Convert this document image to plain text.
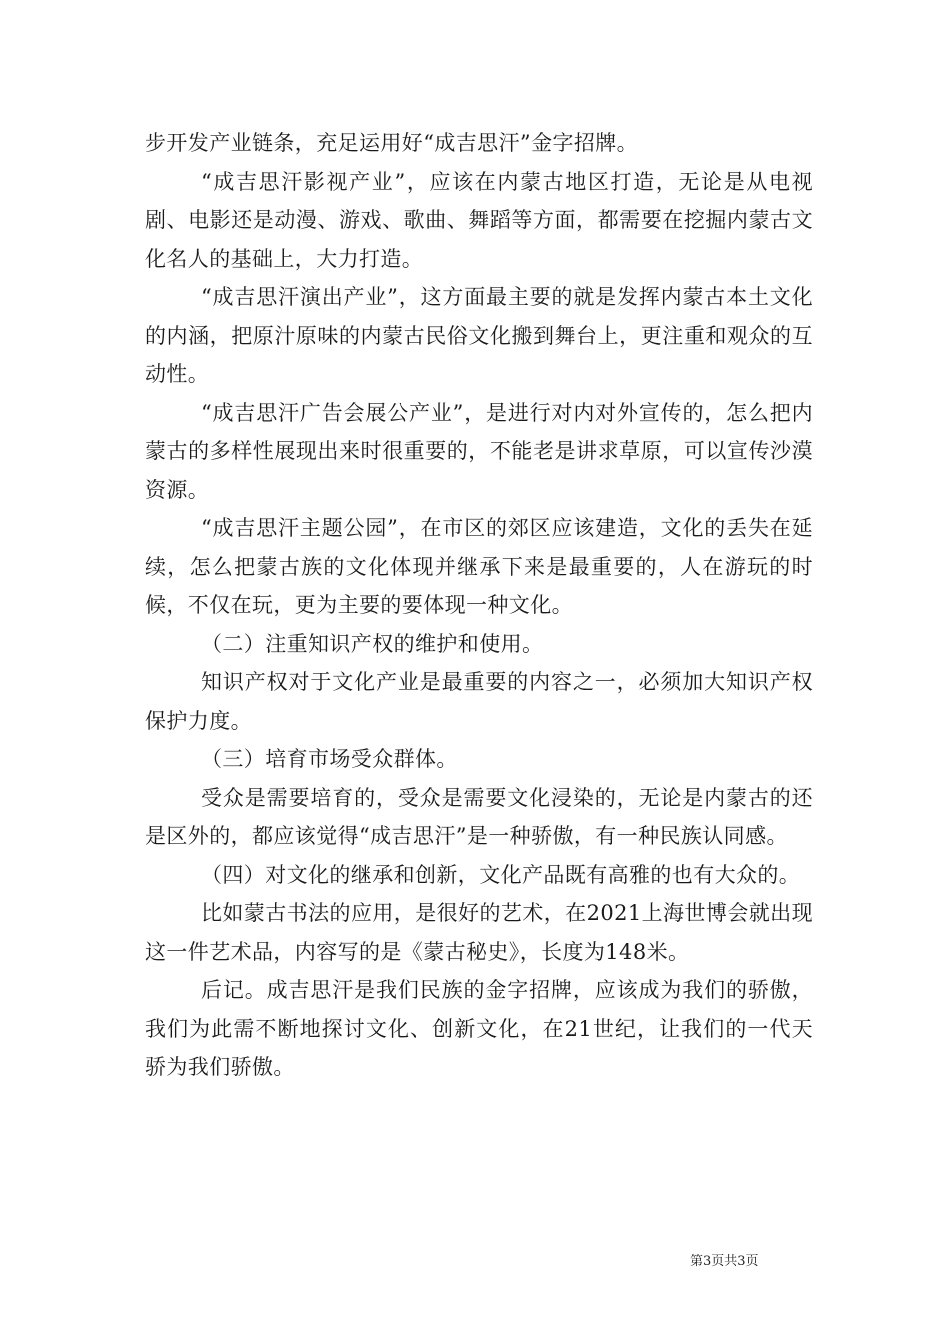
步开发产业链条，充足运用好“成吉思汗”金字招牌。

“成吉思汗影视产业”，应该在内蒙古地区打造，无论是从电视剧、电影还是动漫、游戏、歌曲、舞蹈等方面，都需要在挖掘内蒙古文化名人的基础上，大力打造。

“成吉思汗演出产业”，这方面最主要的就是发挥内蒙古本土文化的内涵，把原汁原味的内蒙古民俗文化搬到舞台上，更注重和观众的互动性。

“成吉思汗广告会展公产业”，是进行对内对外宣传的，怎么把内蒙古的多样性展现出来时很重要的，不能老是讲求草原，可以宣传沙漠资源。

“成吉思汗主题公园”，在市区的郊区应该建造，文化的丢失在延续，怎么把蒙古族的文化体现并继承下来是最重要的，人在游玩的时候，不仅在玩，更为主要的要体现一种文化。

（二）注重知识产权的维护和使用。

知识产权对于文化产业是最重要的内容之一，必须加大知识产权保护力度。

（三）培育市场受众群体。

受众是需要培育的，受众是需要文化浸染的，无论是内蒙古的还是区外的，都应该觉得“成吉思汗”是一种骄傲，有一种民族认同感。

（四）对文化的继承和创新，文化产品既有高雅的也有大众的。

比如蒙古书法的应用，是很好的艺术，在2021上海世博会就出现这一件艺术品，内容写的是《蒙古秘史》，长度为148米。

后记。成吉思汗是我们民族的金字招牌，应该成为我们的骄傲，我们为此需不断地探讨文化、创新文化，在21世纪，让我们的一代天骄为我们骄傲。

第3页共3页
